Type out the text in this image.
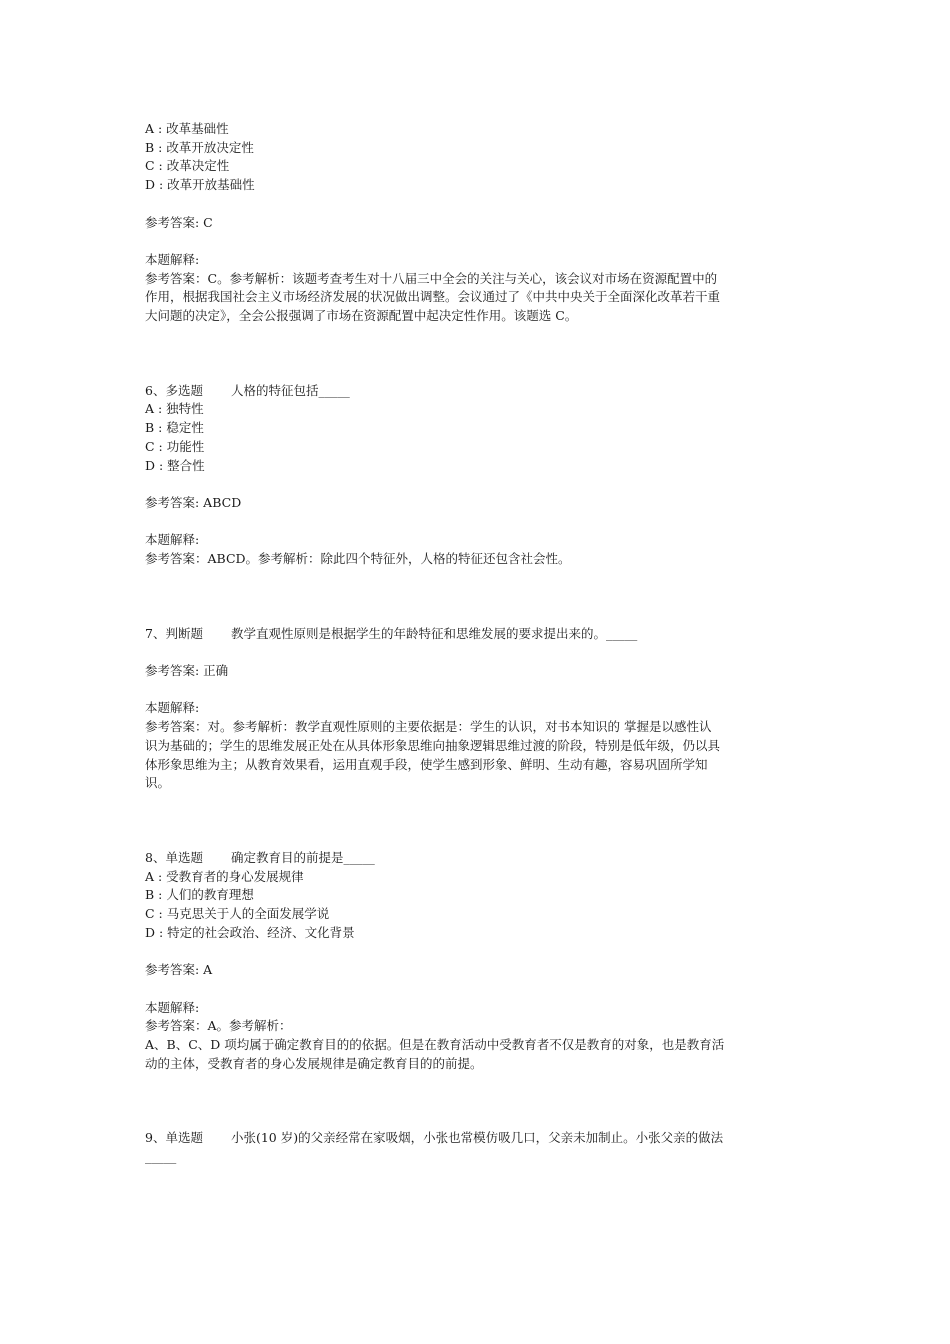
A : 改革基础性

B : 改革开放决定性

C : 改革决定性

D : 改革开放基础性

参考答案: C

本题解释:

参考答案：C。参考解析：该题考查考生对十八届三中全会的关注与关心，该会议对市场在资源配置中的

作用，根据我国社会主义市场经济发展的状况做出调整。会议通过了《中共中央关于全面深化改革若干重

大问题的决定》，全会公报强调了市场在资源配置中起决定性作用。该题选 C。

6、多选题 人格的特征包括_____

A : 独特性

B : 稳定性

C : 功能性

D : 整合性

参考答案: ABCD

本题解释:

参考答案：ABCD。参考解析：除此四个特征外，人格的特征还包含社会性。

7、判断题 教学直观性原则是根据学生的年龄特征和思维发展的要求提出来的。_____

参考答案: 正确

本题解释:

参考答案：对。参考解析：教学直观性原则的主要依据是：学生的认识，对书本知识的 掌握是以感性认

识为基础的；学生的思维发展正处在从具体形象思维向抽象逻辑思维过渡的阶段，特别是低年级，仍以具

体形象思维为主；从教育效果看，运用直观手段，使学生感到形象、鲜明、生动有趣，容易巩固所学知

识。

8、单选题 确定教育目的前提是_____

A : 受教育者的身心发展规律

B : 人们的教育理想

C : 马克思关于人的全面发展学说

D : 特定的社会政治、经济、文化背景

参考答案: A

本题解释:

参考答案：A。参考解析：

A、B、C、D 项均属于确定教育目的的依据。但是在教育活动中受教育者不仅是教育的对象，也是教育活

动的主体，受教育者的身心发展规律是确定教育目的的前提。

9、单选题 小张(10 岁)的父亲经常在家吸烟，小张也常模仿吸几口，父亲未加制止。小张父亲的做法

_____
